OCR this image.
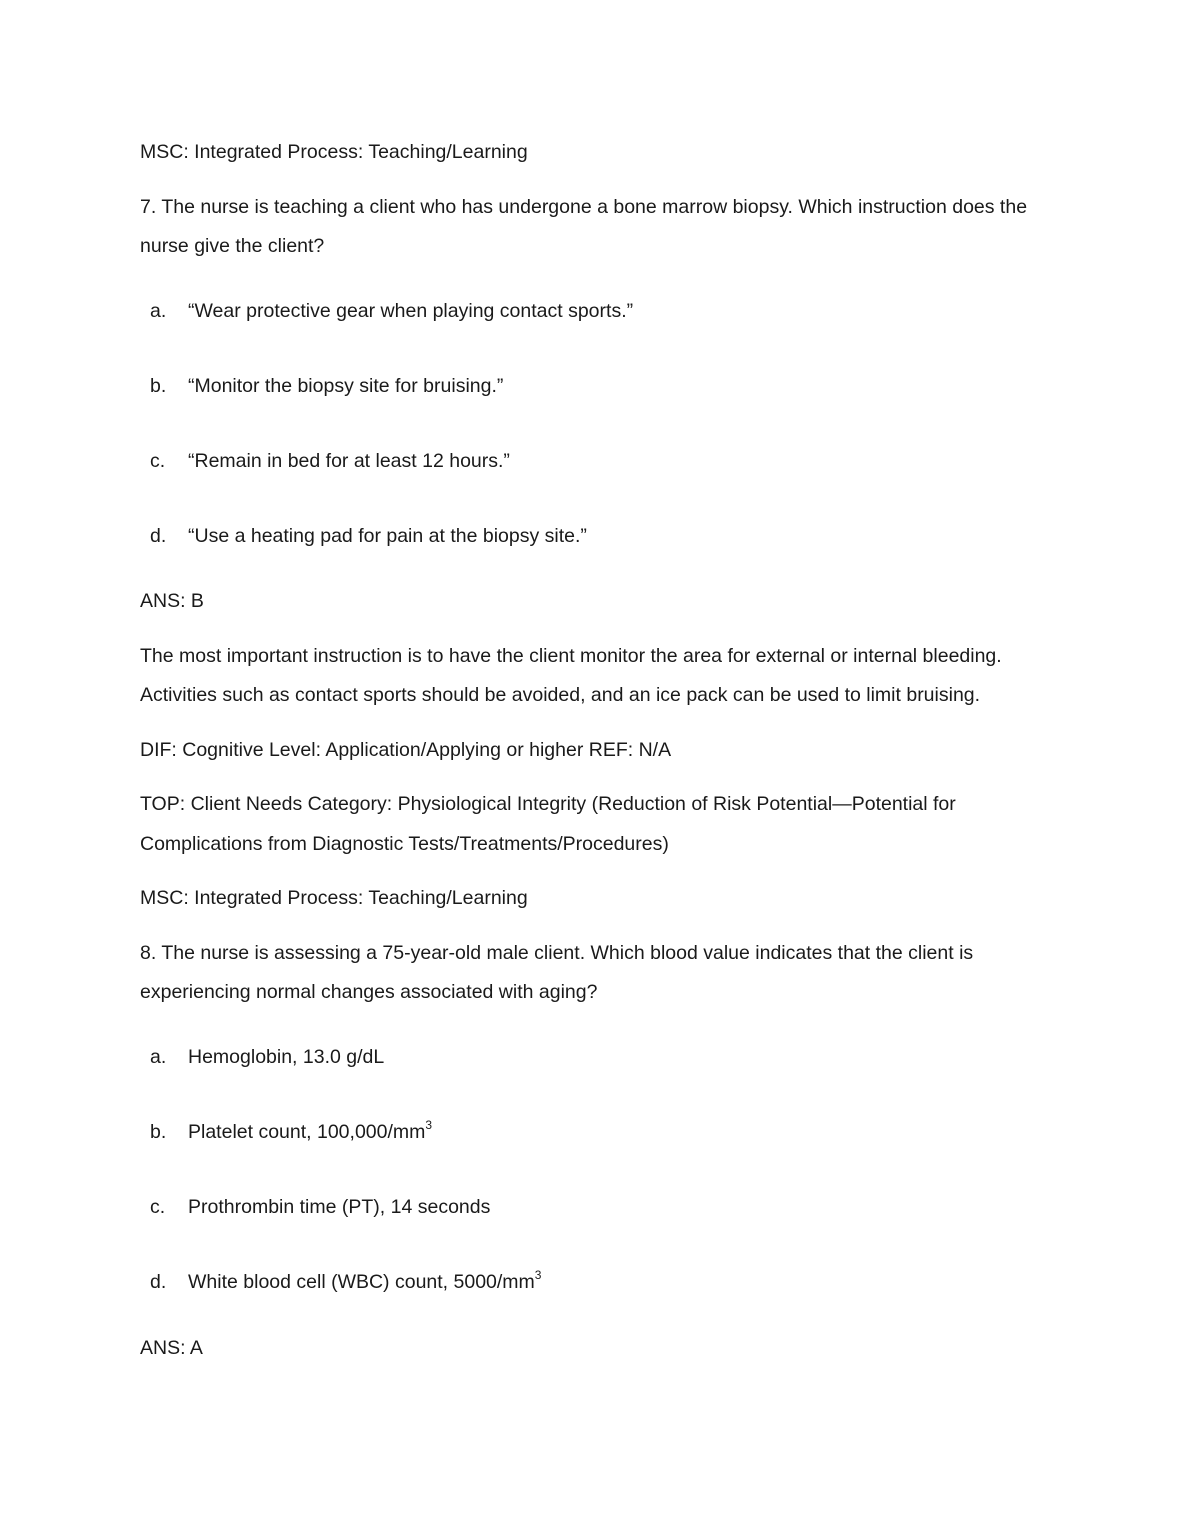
MSC: Integrated Process: Teaching/Learning
7. The nurse is teaching a client who has undergone a bone marrow biopsy. Which instruction does the
nurse give the client?
a. “Wear protective gear when playing contact sports.”
b. “Monitor the biopsy site for bruising.”
c. “Remain in bed for at least 12 hours.”
d. “Use a heating pad for pain at the biopsy site.”
ANS: B
The most important instruction is to have the client monitor the area for external or internal bleeding.
Activities such as contact sports should be avoided, and an ice pack can be used to limit bruising.
DIF: Cognitive Level: Application/Applying or higher REF: N/A
TOP: Client Needs Category: Physiological Integrity (Reduction of Risk Potential—Potential for
Complications from Diagnostic Tests/Treatments/Procedures)
MSC: Integrated Process: Teaching/Learning
8. The nurse is assessing a 75-year-old male client. Which blood value indicates that the client is
experiencing normal changes associated with aging?
a. Hemoglobin, 13.0 g/dL
b. Platelet count, $100,000/mm^3$
c. Prothrombin time (PT), 14 seconds
d. White blood cell (WBC) count, $5000/mm^3$
ANS: A
